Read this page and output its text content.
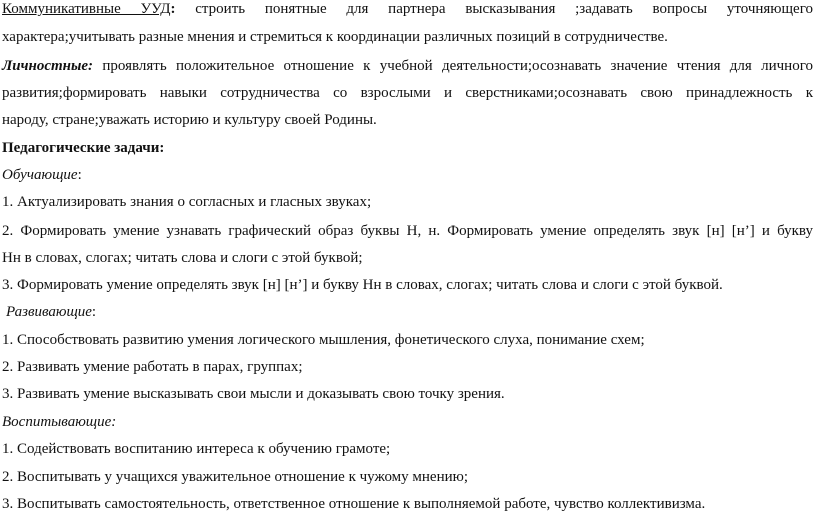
Коммуникативные УУД: строить понятные для партнера высказывания ;задавать вопросы уточняющего
характера;учитывать разные мнения и стремиться к координации различных позиций в сотрудничестве.
Личностные: проявлять положительное отношение к учебной деятельности;осознавать значение чтения для личного
развития;формировать навыки сотрудничества со взрослыми и сверстниками;осознавать свою принадлежность к
народу, стране;уважать историю и культуру своей Родины.
Педагогические задачи:
Обучающие:
1. Актуализировать знания о согласных и гласных звуках;
2. Формировать умение узнавать графический образ буквы Н, н. Формировать умение определять звук [н] [н’] и букву
Нн в словах, слогах; читать слова и слоги с этой буквой;
3. Формировать умение определять звук [н] [н’] и букву Нн в словах, слогах; читать слова и слоги с этой буквой.
Развивающие:
1. Способствовать развитию умения логического мышления, фонетического слуха, понимание схем;
2. Развивать умение работать в парах, группах;
3. Развивать умение высказывать свои мысли и доказывать свою точку зрения.
Воспитывающие:
1. Содействовать воспитанию интереса к обучению грамоте;
2. Воспитывать у учащихся уважительное отношение к чужому мнению;
3. Воспитывать самостоятельность, ответственное отношение к выполняемой работе, чувство коллективизма.
